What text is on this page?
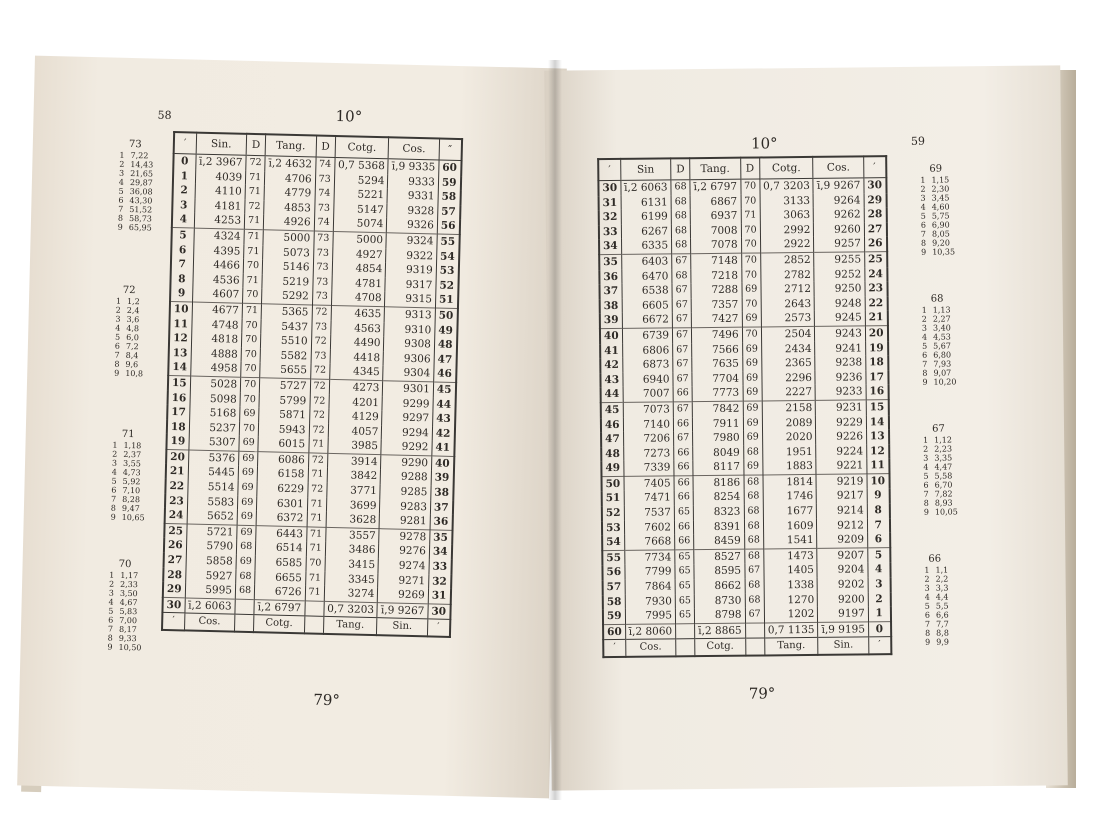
58	10°
73
1 7,22
2 14,43
3 21,65
4 29,87
5 36,08
6 43,30
7 51,52
8 58,73
9 65,95
72
1 1,2
2 2,4
3 3,6
4 4,8
5 6,0
6 7,2
7 8,4
8 9,6
9 10,8
71
1 1,18
2 2,37
3 3,55
4 4,73
5 5,92
6 7,10
7 8,28
8 9,47
9 10,65
70
1 1,17
2 2,33
3 3,50
4 4,67
5 5,83
6 7,00
7 8,17
8 9,33
9 10,50
′	Sin.	D	Tang.	D	Cotg.	Cos.	″
0	ī,2 3967	72	ī,2 4632	74	0,7 5368	ī,9 9335	60
1	4039	71	4706	73	5294	9333	59
2	4110	71	4779	74	5221	9331	58
3	4181	72	4853	73	5147	9328	57
4	4253	71	4926	74	5074	9326	56
5	4324	71	5000	73	5000	9324	55
6	4395	71	5073	73	4927	9322	54
7	4466	70	5146	73	4854	9319	53
8	4536	71	5219	73	4781	9317	52
9	4607	70	5292	73	4708	9315	51
10	4677	71	5365	72	4635	9313	50
11	4748	70	5437	73	4563	9310	49
12	4818	70	5510	72	4490	9308	48
13	4888	70	5582	73	4418	9306	47
14	4958	70	5655	72	4345	9304	46
15	5028	70	5727	72	4273	9301	45
16	5098	70	5799	72	4201	9299	44
17	5168	69	5871	72	4129	9297	43
18	5237	70	5943	72	4057	9294	42
19	5307	69	6015	71	3985	9292	41
20	5376	69	6086	72	3914	9290	40
21	5445	69	6158	71	3842	9288	39
22	5514	69	6229	72	3771	9285	38
23	5583	69	6301	71	3699	9283	37
24	5652	69	6372	71	3628	9281	36
25	5721	69	6443	71	3557	9278	35
26	5790	68	6514	71	3486	9276	34
27	5858	69	6585	70	3415	9274	33
28	5927	68	6655	71	3345	9271	32
29	5995	68	6726	71	3274	9269	31
30	ī,2 6063		ī,2 6797		0,7 3203	ī,9 9267	30
′	Cos.		Cotg.		Tang.	Sin.	′
79°
10°	59
′	Sin	D	Tang.	D	Cotg.	Cos.	′
30	ī,2 6063	68	ī,2 6797	70	0,7 3203	ī,9 9267	30
31	6131	68	6867	70	3133	9264	29
32	6199	68	6937	71	3063	9262	28
33	6267	68	7008	70	2992	9260	27
34	6335	68	7078	70	2922	9257	26
35	6403	67	7148	70	2852	9255	25
36	6470	68	7218	70	2782	9252	24
37	6538	67	7288	69	2712	9250	23
38	6605	67	7357	70	2643	9248	22
39	6672	67	7427	69	2573	9245	21
40	6739	67	7496	70	2504	9243	20
41	6806	67	7566	69	2434	9241	19
42	6873	67	7635	69	2365	9238	18
43	6940	67	7704	69	2296	9236	17
44	7007	66	7773	69	2227	9233	16
45	7073	67	7842	69	2158	9231	15
46	7140	66	7911	69	2089	9229	14
47	7206	67	7980	69	2020	9226	13
48	7273	66	8049	68	1951	9224	12
49	7339	66	8117	69	1883	9221	11
50	7405	66	8186	68	1814	9219	10
51	7471	66	8254	68	1746	9217	9
52	7537	65	8323	68	1677	9214	8
53	7602	66	8391	68	1609	9212	7
54	7668	66	8459	68	1541	9209	6
55	7734	65	8527	68	1473	9207	5
56	7799	65	8595	67	1405	9204	4
57	7864	65	8662	68	1338	9202	3
58	7930	65	8730	68	1270	9200	2
59	7995	65	8798	67	1202	9197	1
60	ī,2 8060		ī,2 8865		0,7 1135	ī,9 9195	0
′	Cos.		Cotg.		Tang.	Sin.	′
69
1 1,15
2 2,30
3 3,45
4 4,60
5 5,75
6 6,90
7 8,05
8 9,20
9 10,35
68
1 1,13
2 2,27
3 3,40
4 4,53
5 5,67
6 6,80
7 7,93
8 9,07
9 10,20
67
1 1,12
2 2,23
3 3,35
4 4,47
5 5,58
6 6,70
7 7,82
8 8,93
9 10,05
66
1 1,1
2 2,2
3 3,3
4 4,4
5 5,5
6 6,6
7 7,7
8 8,8
9 9,9
79°
